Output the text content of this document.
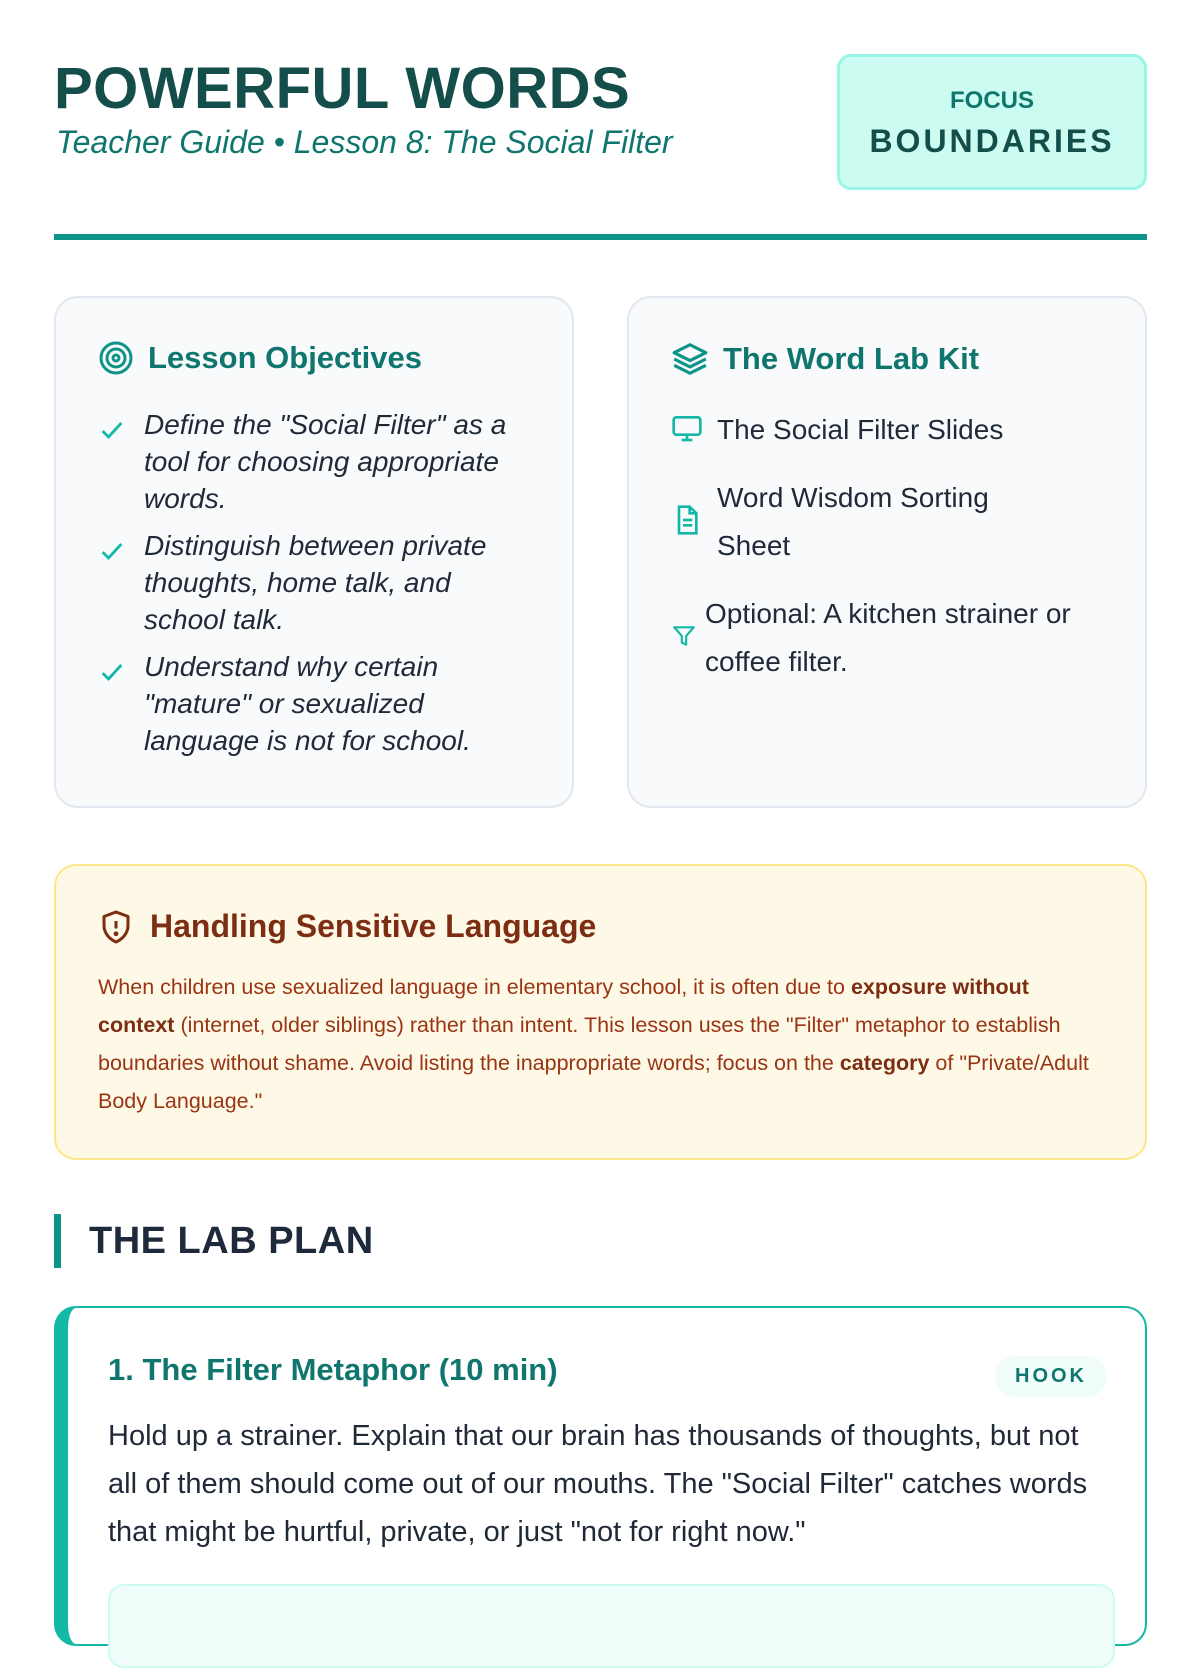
POWERFUL WORDS
Teacher Guide • Lesson 8: The Social Filter
FOCUS
BOUNDARIES
Lesson Objectives
Define the "Social Filter" as a tool for choosing appropriate words.
Distinguish between private thoughts, home talk, and school talk.
Understand why certain "mature" or sexualized language is not for school.
The Word Lab Kit
The Social Filter Slides
Word Wisdom Sorting Sheet
Optional: A kitchen strainer or coffee filter.
Handling Sensitive Language
When children use sexualized language in elementary school, it is often due to exposure without context (internet, older siblings) rather than intent. This lesson uses the "Filter" metaphor to establish boundaries without shame. Avoid listing the inappropriate words; focus on the category of "Private/Adult Body Language."
THE LAB PLAN
1. The Filter Metaphor (10 min)	HOOK
Hold up a strainer. Explain that our brain has thousands of thoughts, but not all of them should come out of our mouths. The "Social Filter" catches words that might be hurtful, private, or just "not for right now."
